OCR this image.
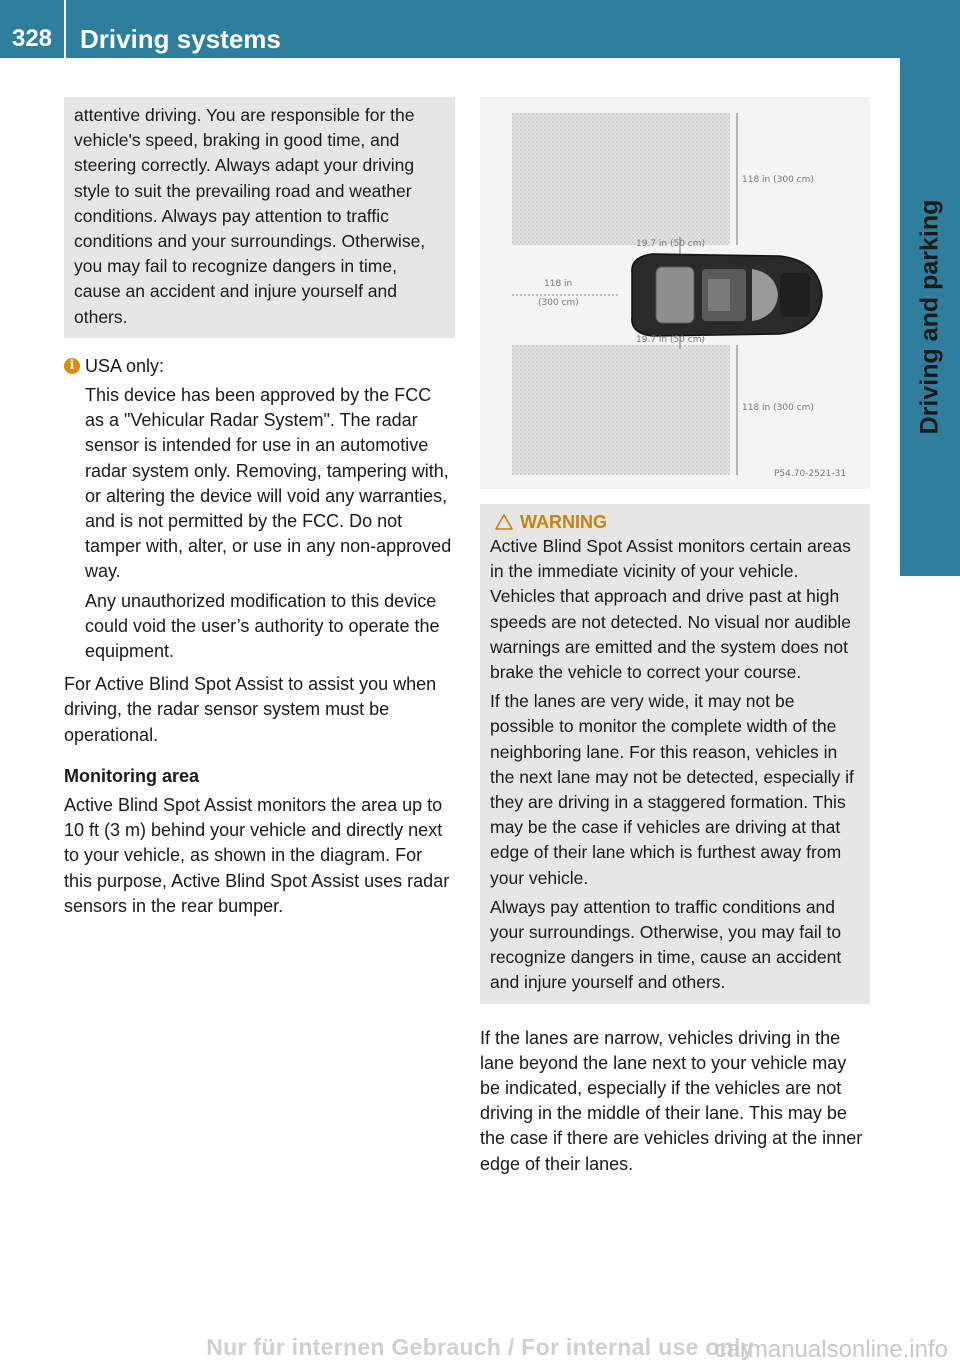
328	Driving systems
Driving and parking

attentive driving. You are responsible for the vehicle's speed, braking in good time, and steering correctly. Always adapt your driving style to suit the prevailing road and weather conditions. Always pay attention to traffic conditions and your surroundings. Otherwise, you may fail to recognize dangers in time, cause an accident and injure yourself and others.

i USA only:

This device has been approved by the FCC as a "Vehicular Radar System". The radar sensor is intended for use in an automotive radar system only. Removing, tampering with, or altering the device will void any warranties, and is not permitted by the FCC. Do not tamper with, alter, or use in any non-approved way.

Any unauthorized modification to this device could void the user’s authority to operate the equipment.

For Active Blind Spot Assist to assist you when driving, the radar sensor system must be operational.

Monitoring area

Active Blind Spot Assist monitors the area up to 10 ft (3 m) behind your vehicle and directly next to your vehicle, as shown in the diagram. For this purpose, Active Blind Spot Assist uses radar sensors in the rear bumper.

118 in (300 cm)
19.7 in (50 cm)
118 in
(300 cm)
19.7 in (50 cm)
118 in (300 cm)
P54.70-2521-31
WARNING

Active Blind Spot Assist monitors certain areas in the immediate vicinity of your vehicle. Vehicles that approach and drive past at high speeds are not detected. No visual nor audible warnings are emitted and the system does not brake the vehicle to correct your course.

If the lanes are very wide, it may not be possible to monitor the complete width of the neighboring lane. For this reason, vehicles in the next lane may not be detected, especially if they are driving in a staggered formation. This may be the case if vehicles are driving at that edge of their lane which is furthest away from your vehicle.

Always pay attention to traffic conditions and your surroundings. Otherwise, you may fail to recognize dangers in time, cause an accident and injure yourself and others.

If the lanes are narrow, vehicles driving in the lane beyond the lane next to your vehicle may be indicated, especially if the vehicles are not driving in the middle of their lane. This may be the case if there are vehicles driving at the inner edge of their lanes.

Nur für internen Gebrauch / For internal use only
carmanualsonline.info
